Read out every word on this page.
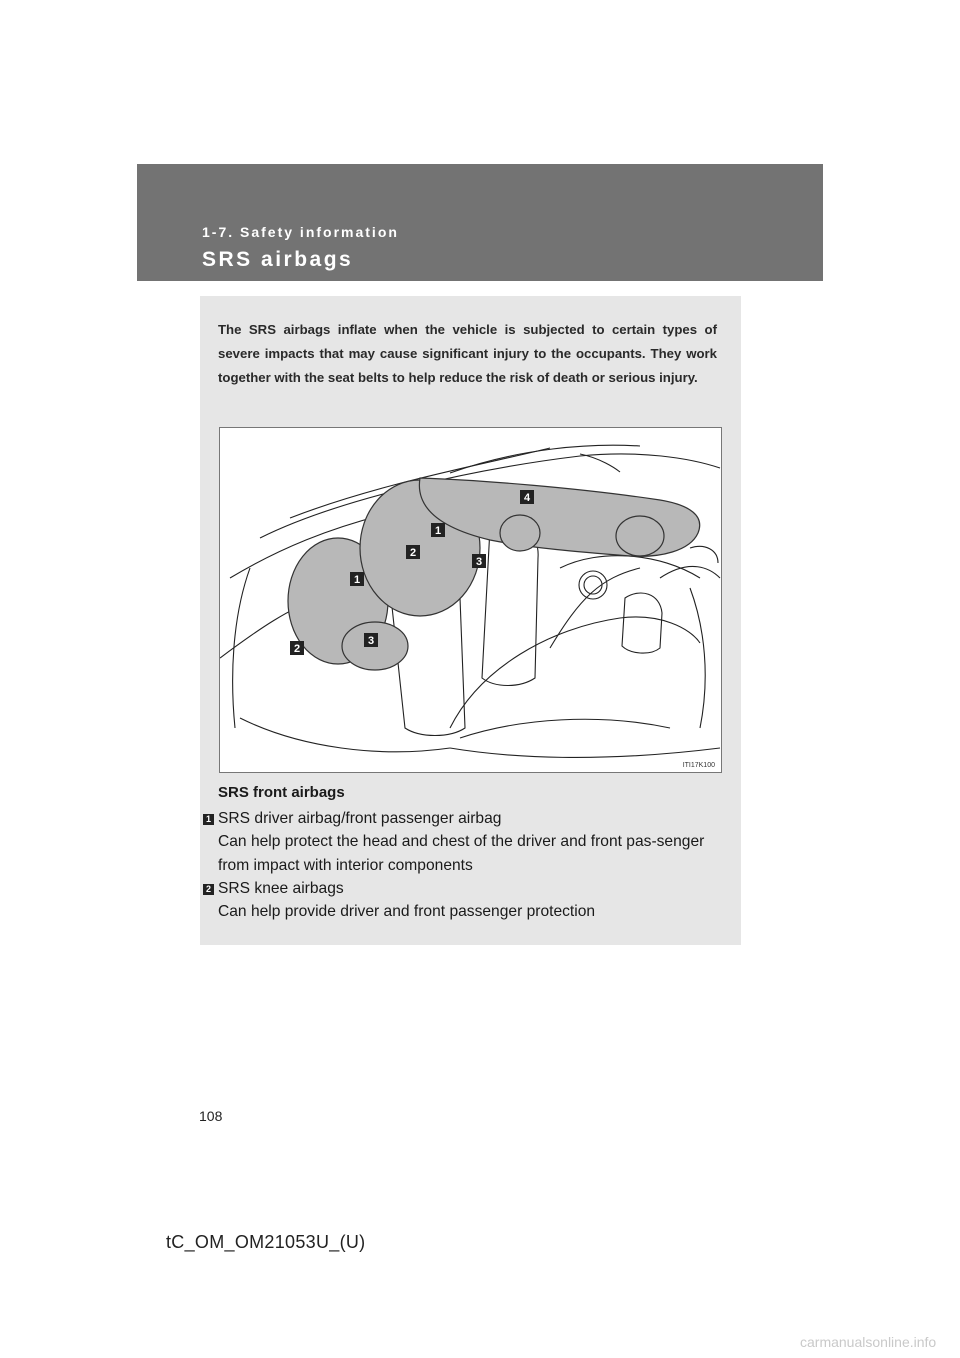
1-7. Safety information
SRS airbags
The SRS airbags inflate when the vehicle is subjected to certain types of severe impacts that may cause significant injury to the occupants. They work together with the seat belts to help reduce the risk of death or serious injury.
4
1
2
3
1
3
2
ITI17K100
SRS front airbags
1 SRS driver airbag/front passenger airbag
Can help protect the head and chest of the driver and front pas-senger from impact with interior components
2 SRS knee airbags
Can help provide driver and front passenger protection
108
tC_OM_OM21053U_(U)
carmanualsonline.info
